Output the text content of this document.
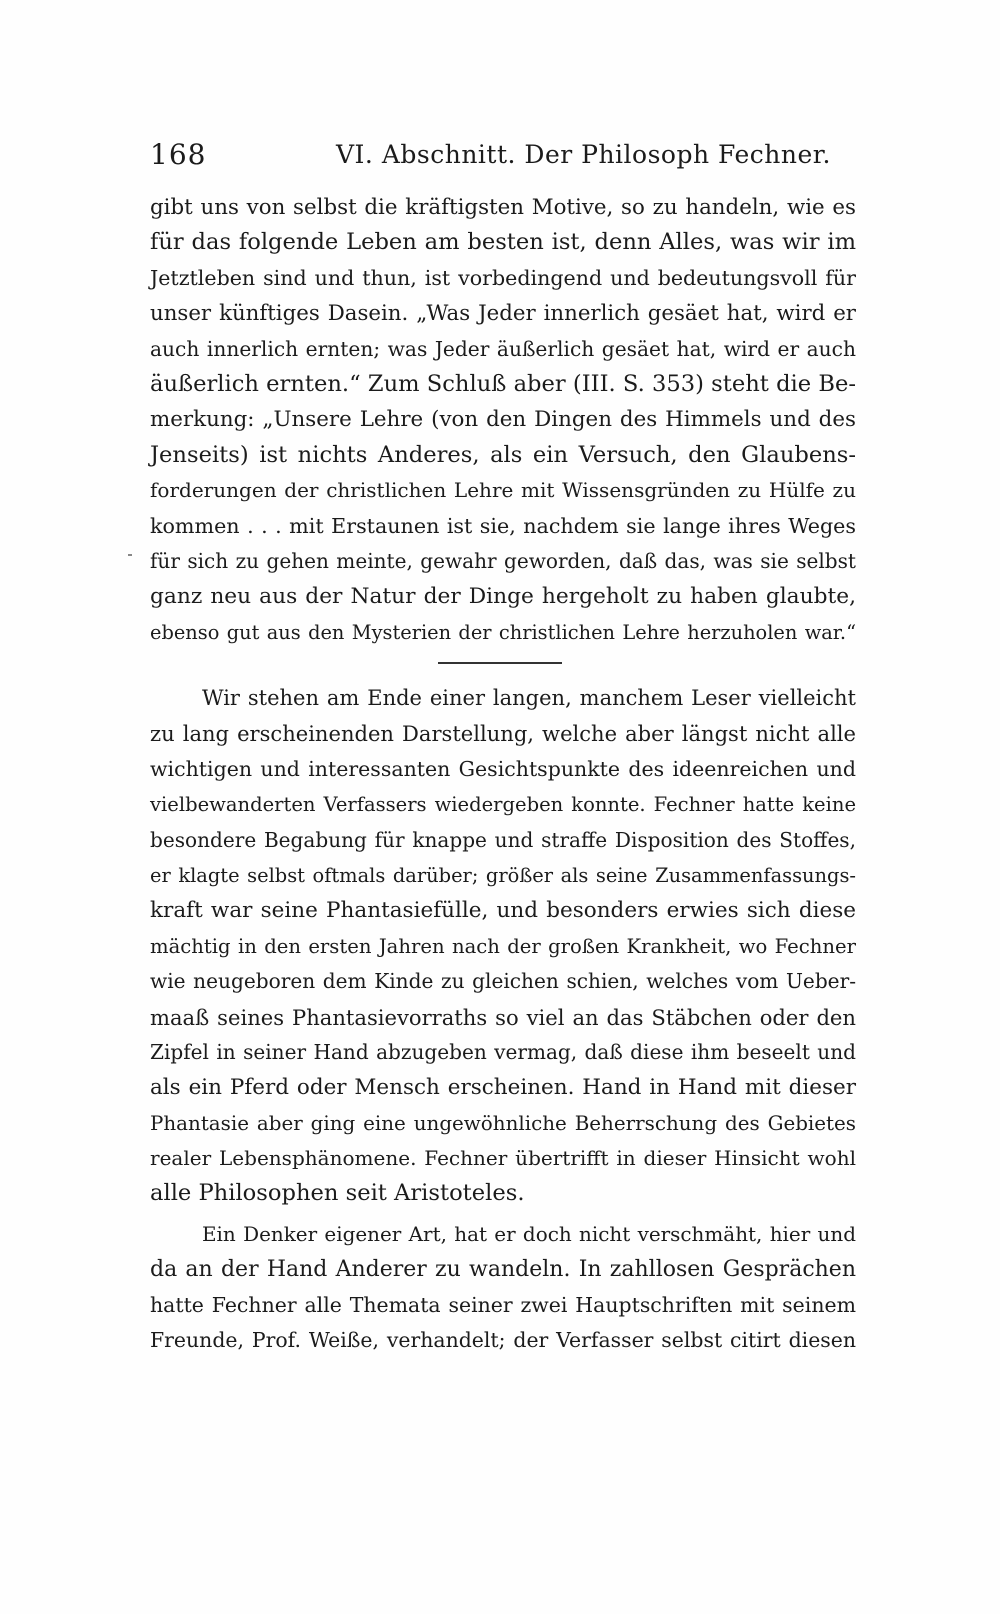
168	VI. Abschnitt. Der Philosoph Fechner.
gibt uns von selbst die kräftigsten Motive, so zu handeln, wie es
für das folgende Leben am besten ist, denn Alles, was wir im
Jetztleben sind und thun, ist vorbedingend und bedeutungsvoll für
unser künftiges Dasein. „Was Jeder innerlich gesäet hat, wird er
auch innerlich ernten; was Jeder äußerlich gesäet hat, wird er auch
äußerlich ernten.“ Zum Schluß aber (III. S. 353) steht die Be-
merkung: „Unsere Lehre (von den Dingen des Himmels und des
Jenseits) ist nichts Anderes, als ein Versuch, den Glaubens-
forderungen der christlichen Lehre mit Wissensgründen zu Hülfe zu
kommen . . . mit Erstaunen ist sie, nachdem sie lange ihres Weges
für sich zu gehen meinte, gewahr geworden, daß das, was sie selbst
ganz neu aus der Natur der Dinge hergeholt zu haben glaubte,
ebenso gut aus den Mysterien der christlichen Lehre herzuholen war.“
Wir stehen am Ende einer langen, manchem Leser vielleicht
zu lang erscheinenden Darstellung, welche aber längst nicht alle
wichtigen und interessanten Gesichtspunkte des ideenreichen und
vielbewanderten Verfassers wiedergeben konnte. Fechner hatte keine
besondere Begabung für knappe und straffe Disposition des Stoffes,
er klagte selbst oftmals darüber; größer als seine Zusammenfassungs-
kraft war seine Phantasiefülle, und besonders erwies sich diese
mächtig in den ersten Jahren nach der großen Krankheit, wo Fechner
wie neugeboren dem Kinde zu gleichen schien, welches vom Ueber-
maaß seines Phantasievorraths so viel an das Stäbchen oder den
Zipfel in seiner Hand abzugeben vermag, daß diese ihm beseelt und
als ein Pferd oder Mensch erscheinen. Hand in Hand mit dieser
Phantasie aber ging eine ungewöhnliche Beherrschung des Gebietes
realer Lebensphänomene. Fechner übertrifft in dieser Hinsicht wohl
alle Philosophen seit Aristoteles.
Ein Denker eigener Art, hat er doch nicht verschmäht, hier und
da an der Hand Anderer zu wandeln. In zahllosen Gesprächen
hatte Fechner alle Themata seiner zwei Hauptschriften mit seinem
Freunde, Prof. Weiße, verhandelt; der Verfasser selbst citirt diesen
